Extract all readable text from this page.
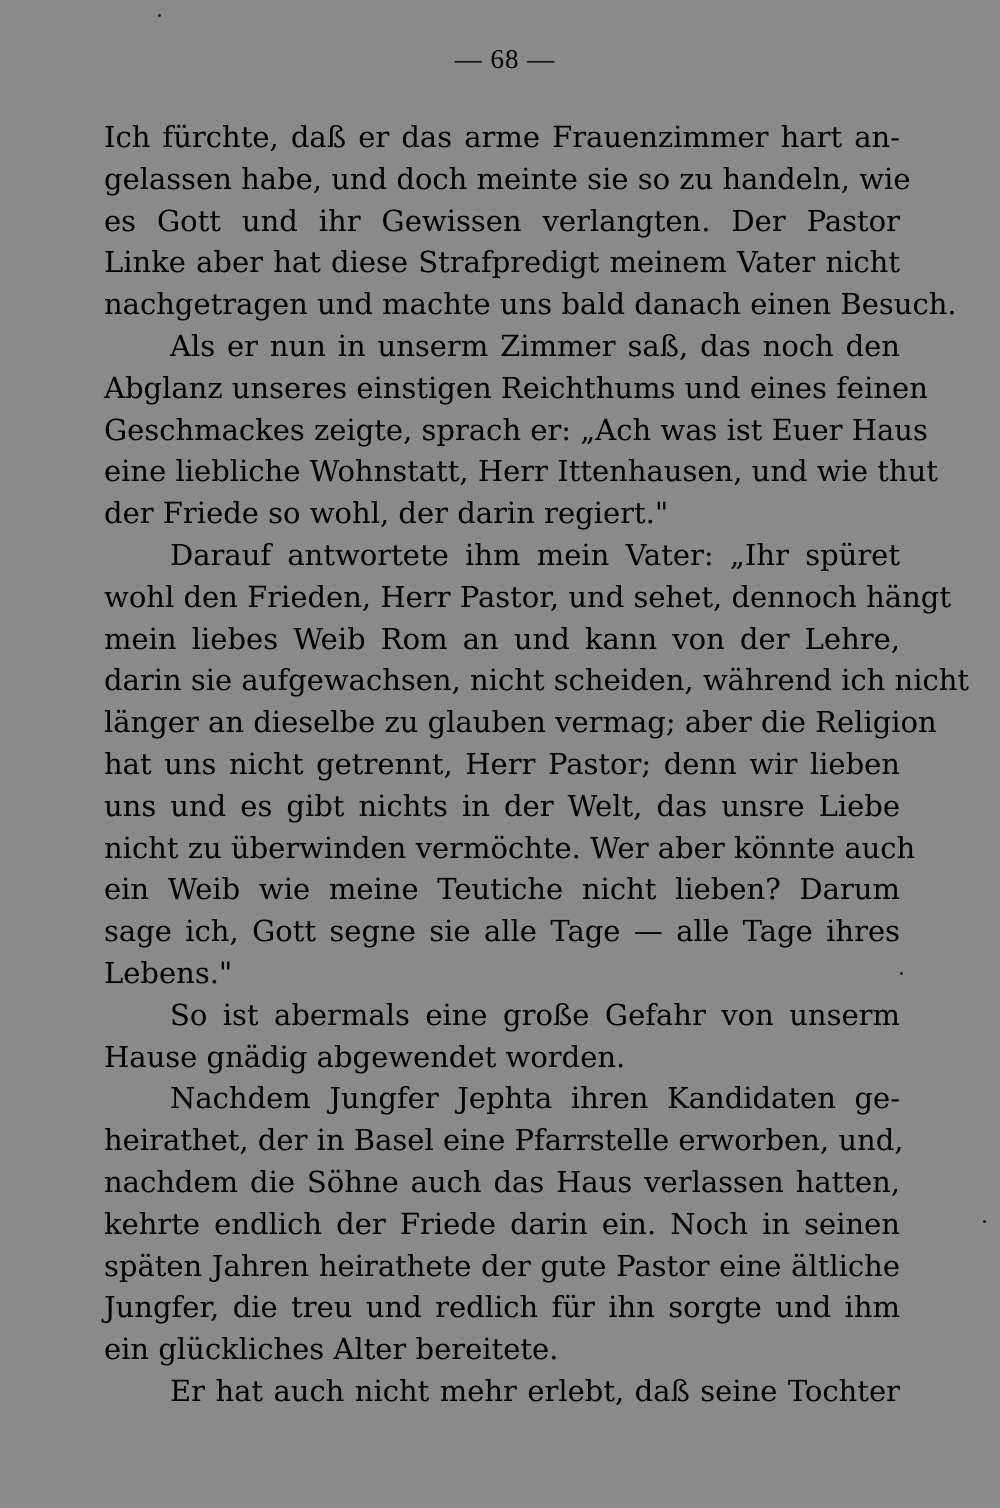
— 68 —
Ich fürchte, daß er das arme Frauenzimmer hart an-
gelassen habe, und doch meinte sie so zu handeln, wie
es Gott und ihr Gewissen verlangten. Der Pastor
Linke aber hat diese Strafpredigt meinem Vater nicht
nachgetragen und machte uns bald danach einen Besuch.
Als er nun in unserm Zimmer saß, das noch den
Abglanz unseres einstigen Reichthums und eines feinen
Geschmackes zeigte, sprach er: „Ach was ist Euer Haus
eine liebliche Wohnstatt, Herr Ittenhausen, und wie thut
der Friede so wohl, der darin regiert."
Darauf antwortete ihm mein Vater: „Ihr spüret
wohl den Frieden, Herr Pastor, und sehet, dennoch hängt
mein liebes Weib Rom an und kann von der Lehre,
darin sie aufgewachsen, nicht scheiden, während ich nicht
länger an dieselbe zu glauben vermag; aber die Religion
hat uns nicht getrennt, Herr Pastor; denn wir lieben
uns und es gibt nichts in der Welt, das unsre Liebe
nicht zu überwinden vermöchte. Wer aber könnte auch
ein Weib wie meine Teutiche nicht lieben? Darum
sage ich, Gott segne sie alle Tage — alle Tage ihres
Lebens."
So ist abermals eine große Gefahr von unserm
Hause gnädig abgewendet worden.
Nachdem Jungfer Jephta ihren Kandidaten ge-
heirathet, der in Basel eine Pfarrstelle erworben, und,
nachdem die Söhne auch das Haus verlassen hatten,
kehrte endlich der Friede darin ein. Noch in seinen
späten Jahren heirathete der gute Pastor eine ältliche
Jungfer, die treu und redlich für ihn sorgte und ihm
ein glückliches Alter bereitete.
Er hat auch nicht mehr erlebt, daß seine Tochter
